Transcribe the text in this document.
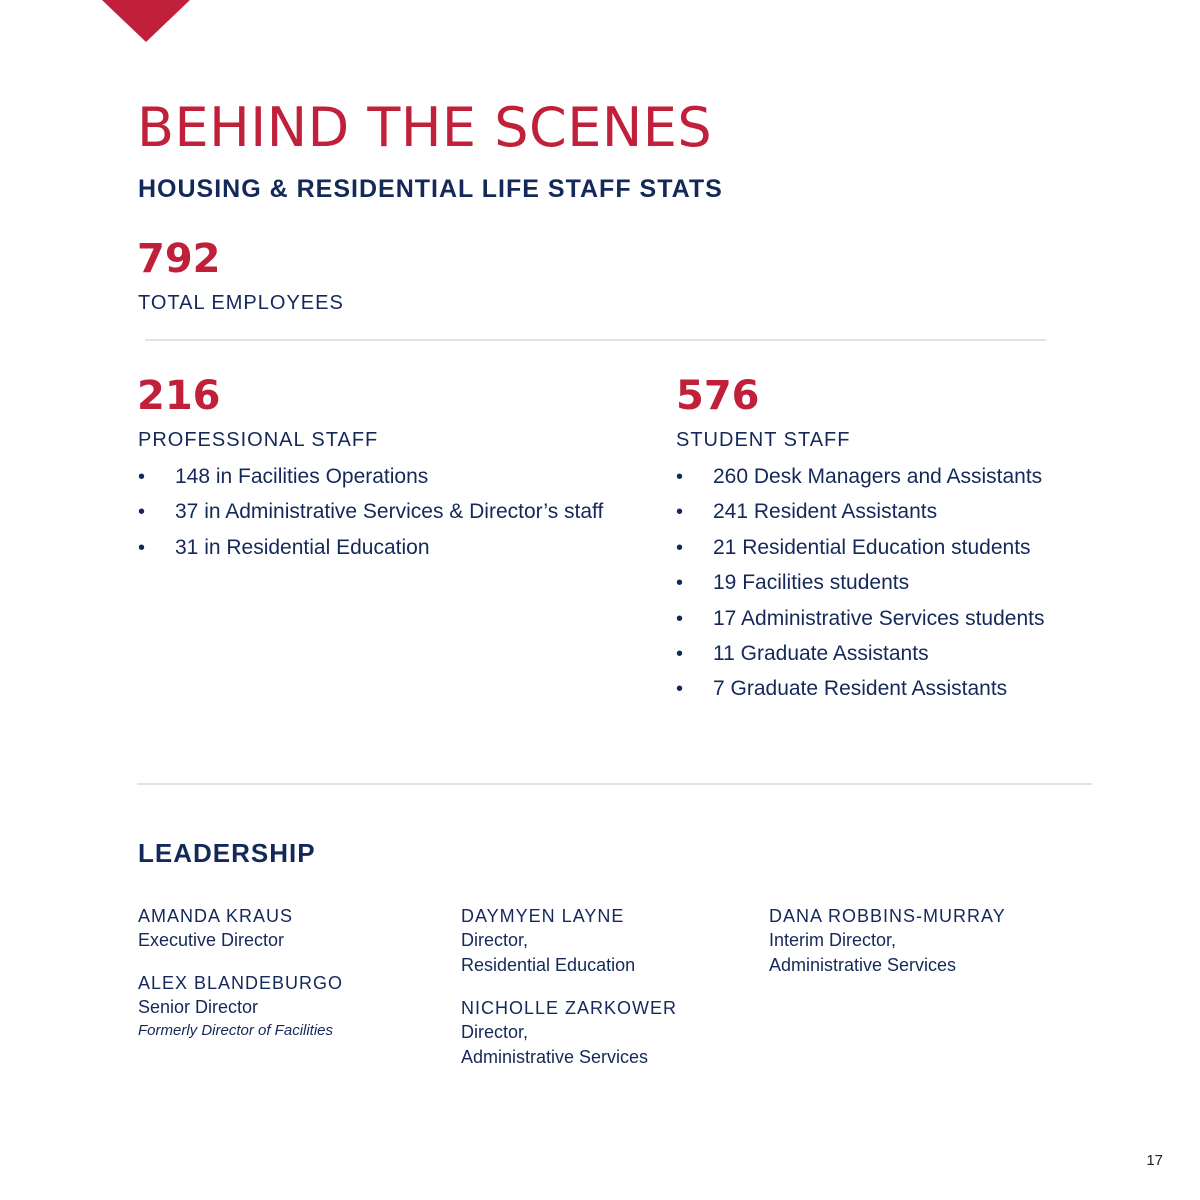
BEHIND THE SCENES
HOUSING & RESIDENTIAL LIFE STAFF STATS
792
TOTAL EMPLOYEES
216
PROFESSIONAL STAFF
• 148 in Facilities Operations
• 37 in Administrative Services & Director’s staff
• 31 in Residential Education
576
STUDENT STAFF
• 260 Desk Managers and Assistants
• 241 Resident Assistants
• 21 Residential Education students
• 19 Facilities students
• 17 Administrative Services students
• 11 Graduate Assistants
• 7 Graduate Resident Assistants
LEADERSHIP
AMANDA KRAUS
Executive Director
ALEX BLANDEBURGO
Senior Director
Formerly Director of Facilities
DAYMYEN LAYNE
Director,
Residential Education
NICHOLLE ZARKOWER
Director,
Administrative Services
DANA ROBBINS-MURRAY
Interim Director,
Administrative Services
17
